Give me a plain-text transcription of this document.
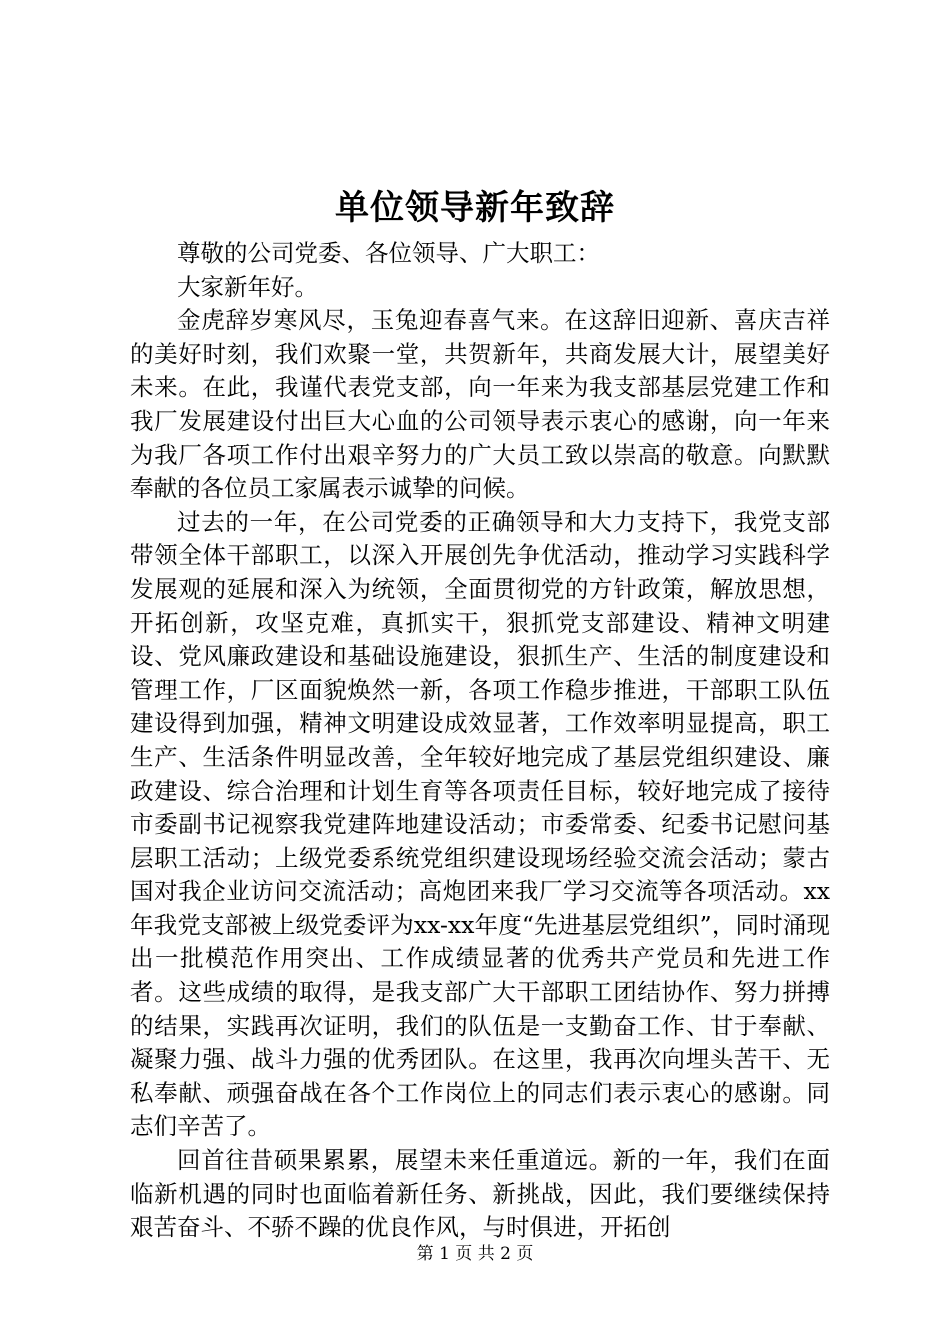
单位领导新年致辞

尊敬的公司党委、各位领导、广大职工：

大家新年好。

金虎辞岁寒风尽，玉兔迎春喜气来。在这辞旧迎新、喜庆吉祥的美好时刻，我们欢聚一堂，共贺新年，共商发展大计，展望美好未来。在此，我谨代表党支部，向一年来为我支部基层党建工作和我厂发展建设付出巨大心血的公司领导表示衷心的感谢，向一年来为我厂各项工作付出艰辛努力的广大员工致以崇高的敬意。向默默奉献的各位员工家属表示诚挚的问候。

过去的一年，在公司党委的正确领导和大力支持下，我党支部带领全体干部职工，以深入开展创先争优活动，推动学习实践科学发展观的延展和深入为统领，全面贯彻党的方针政策，解放思想，开拓创新，攻坚克难，真抓实干，狠抓党支部建设、精神文明建设、党风廉政建设和基础设施建设，狠抓生产、生活的制度建设和管理工作，厂区面貌焕然一新，各项工作稳步推进，干部职工队伍建设得到加强，精神文明建设成效显著，工作效率明显提高，职工生产、生活条件明显改善，全年较好地完成了基层党组织建设、廉政建设、综合治理和计划生育等各项责任目标，较好地完成了接待市委副书记视察我党建阵地建设活动；市委常委、纪委书记慰问基层职工活动；上级党委系统党组织建设现场经验交流会活动；蒙古国对我企业访问交流活动；高炮团来我厂学习交流等各项活动。xx年我党支部被上级党委评为xx-xx年度“先进基层党组织”，同时涌现出一批模范作用突出、工作成绩显著的优秀共产党员和先进工作者。这些成绩的取得，是我支部广大干部职工团结协作、努力拼搏的结果，实践再次证明，我们的队伍是一支勤奋工作、甘于奉献、凝聚力强、战斗力强的优秀团队。在这里，我再次向埋头苦干、无私奉献、顽强奋战在各个工作岗位上的同志们表示衷心的感谢。同志们辛苦了。

回首往昔硕果累累，展望未来任重道远。新的一年，我们在面临新机遇的同时也面临着新任务、新挑战，因此，我们要继续保持艰苦奋斗、不骄不躁的优良作风，与时俱进，开拓创

第 1 页 共 2 页
